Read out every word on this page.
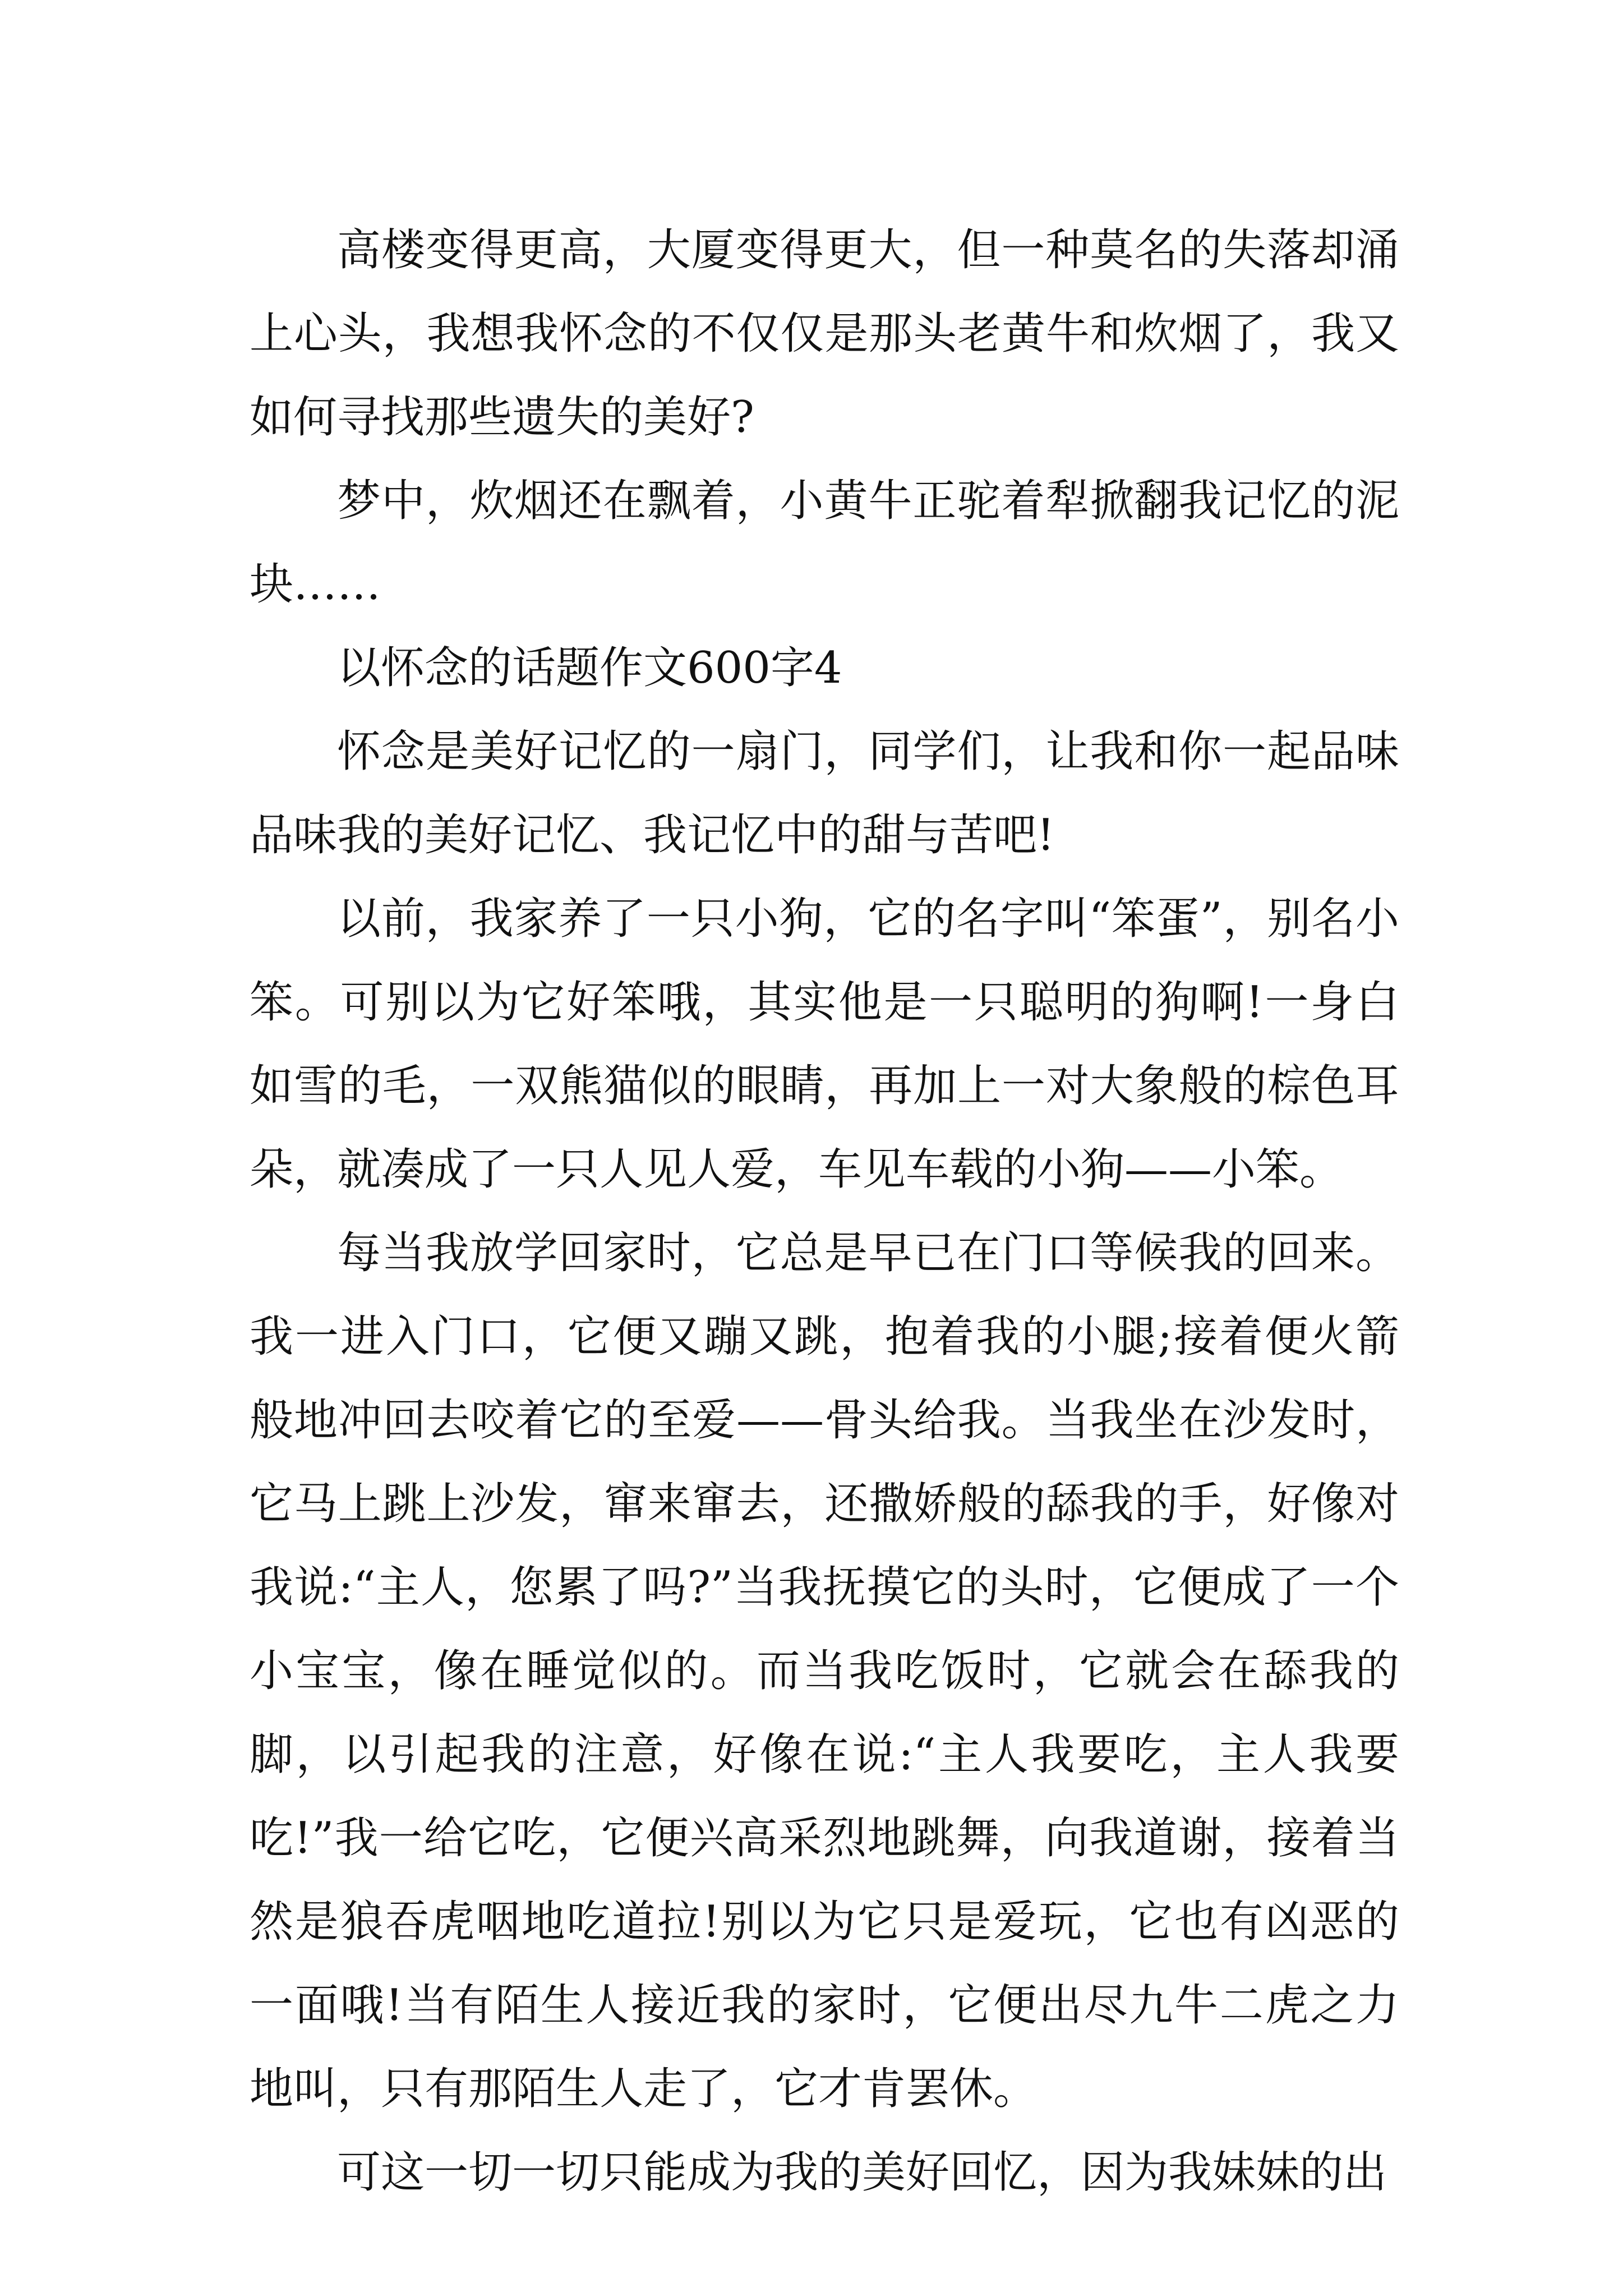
高楼变得更高，大厦变得更大，但一种莫名的失落却涌上心头，我想我怀念的不仅仅是那头老黄牛和炊烟了，我又如何寻找那些遗失的美好?

梦中，炊烟还在飘着，小黄牛正驼着犁掀翻我记忆的泥块……

以怀念的话题作文600字4

怀念是美好记忆的一扇门，同学们，让我和你一起品味品味我的美好记忆、我记忆中的甜与苦吧!

以前，我家养了一只小狗，它的名字叫“笨蛋”，别名小笨。可别以为它好笨哦，其实他是一只聪明的狗啊!一身白如雪的毛，一双熊猫似的眼睛，再加上一对大象般的棕色耳朵，就凑成了一只人见人爱，车见车载的小狗——小笨。

每当我放学回家时，它总是早已在门口等候我的回来。我一进入门口，它便又蹦又跳，抱着我的小腿;接着便火箭般地冲回去咬着它的至爱——骨头给我。当我坐在沙发时，它马上跳上沙发，窜来窜去，还撒娇般的舔我的手，好像对我说:“主人，您累了吗?”当我抚摸它的头时，它便成了一个小宝宝，像在睡觉似的。而当我吃饭时，它就会在舔我的脚，以引起我的注意，好像在说:“主人我要吃，主人我要吃!”我一给它吃，它便兴高采烈地跳舞，向我道谢，接着当然是狼吞虎咽地吃道拉!别以为它只是爱玩，它也有凶恶的一面哦!当有陌生人接近我的家时，它便出尽九牛二虎之力地叫，只有那陌生人走了，它才肯罢休。

可这一切一切只能成为我的美好回忆，因为我妹妹的出
